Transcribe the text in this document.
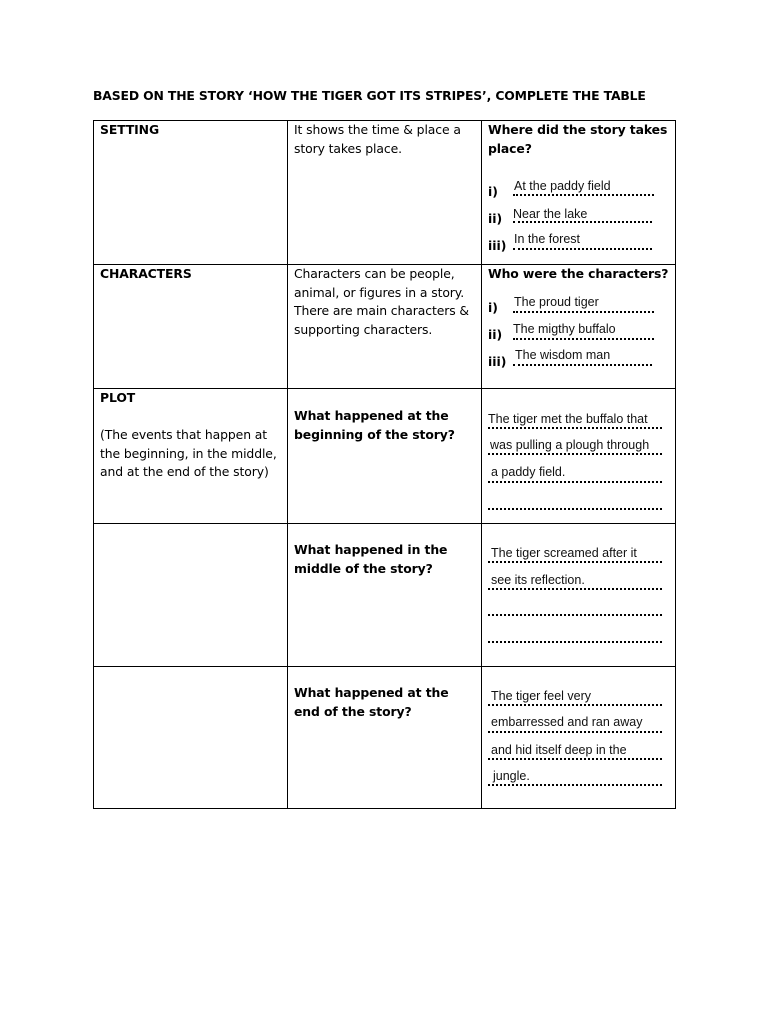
BASED ON THE STORY ‘HOW THE TIGER GOT ITS STRIPES’, COMPLETE THE TABLE
SETTING	It shows the time & place a story takes place.
Where did the story takes place?
i) At the paddy field
ii) Near the lake
iii) In the forest
CHARACTERS	Characters can be people, animal, or figures in a story. There are main characters & supporting characters.
Who were the characters?
i) The proud tiger
ii) The migthy buffalo
iii) The wisdom man
PLOT
(The events that happen at the beginning, in the middle, and at the end of the story)
What happened at the beginning of the story?
The tiger met the buffalo that
was pulling a plough through
a paddy field.
What happened in the middle of the story?
The tiger screamed after it
see its reflection.
What happened at the end of the story?
The tiger feel very
embarressed and ran away
and hid itself deep in the
jungle.
